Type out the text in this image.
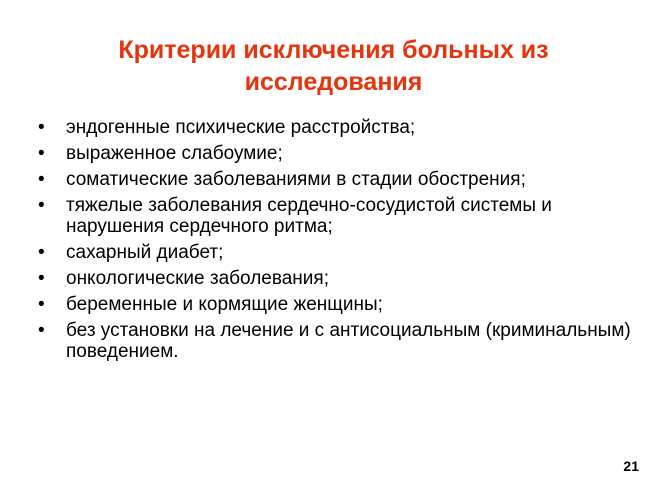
Критерии исключения больных из
исследования
• эндогенные психические расстройства;
• выраженное слабоумие;
• соматические заболеваниями в стадии обострения;
• тяжелые заболевания сердечно-сосудистой системы и нарушения сердечного ритма;
• сахарный диабет;
• онкологические заболевания;
• беременные и кормящие женщины;
• без установки на лечение и с антисоциальным (криминальным) поведением.
21
